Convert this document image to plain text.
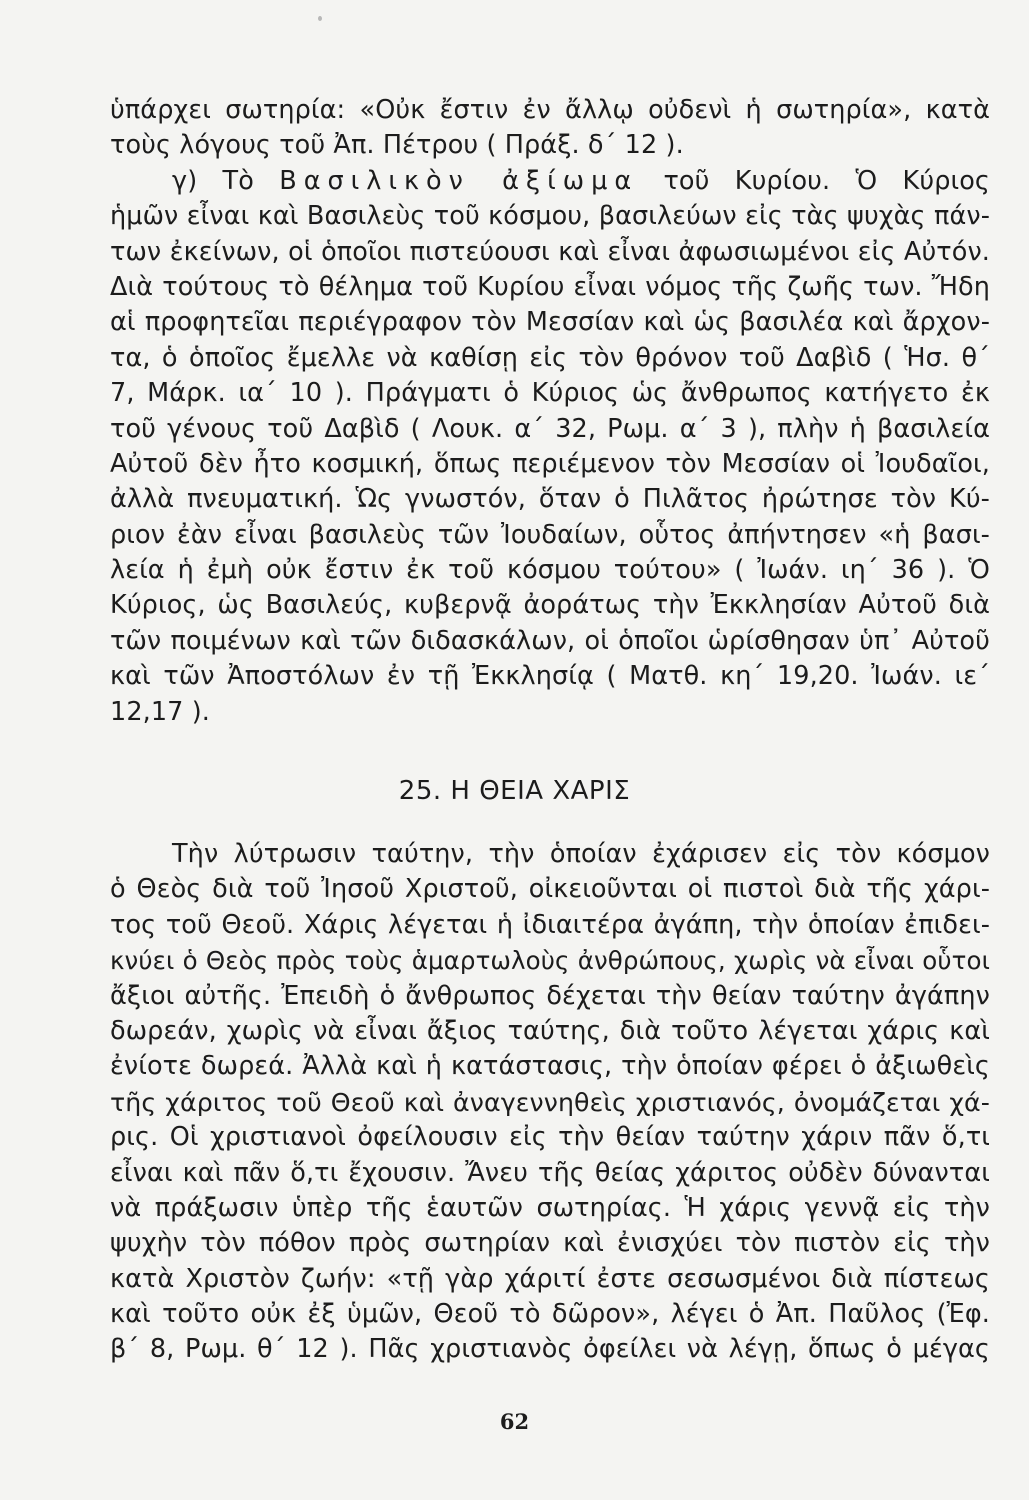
ὑπάρχει σωτηρία: «Οὐκ ἔστιν ἐν ἄλλῳ οὐδενὶ ἡ σωτηρία», κατὰ
τοὺς λόγους τοῦ Ἀπ. Πέτρου ( Πράξ. δ΄ 12 ).
γ) Τὸ Βασιλικὸν ἀξίωμα τοῦ Κυρίου. Ὁ Κύριος
ἡμῶν εἶναι καὶ Βασιλεὺς τοῦ κόσμου, βασιλεύων εἰς τὰς ψυχὰς πάν-
των ἐκείνων, οἱ ὁποῖοι πιστεύουσι καὶ εἶναι ἀφωσιωμένοι εἰς Αὐτόν.
Διὰ τούτους τὸ θέλημα τοῦ Κυρίου εἶναι νόμος τῆς ζωῆς των. Ἤδη
αἱ προφητεῖαι περιέγραφον τὸν Μεσσίαν καὶ ὡς βασιλέα καὶ ἄρχον-
τα, ὁ ὁποῖος ἔμελλε νὰ καθίσῃ εἰς τὸν θρόνον τοῦ Δαβὶδ ( Ἡσ. θ΄
7, Μάρκ. ια΄ 10 ). Πράγματι ὁ Κύριος ὡς ἄνθρωπος κατήγετο ἐκ
τοῦ γένους τοῦ Δαβὶδ ( Λουκ. α΄ 32, Ρωμ. α΄ 3 ), πλὴν ἡ βασιλεία
Αὐτοῦ δὲν ἦτο κοσμική, ὅπως περιέμενον τὸν Μεσσίαν οἱ Ἰουδαῖοι,
ἀλλὰ πνευματική. Ὡς γνωστόν, ὅταν ὁ Πιλᾶτος ἠρώτησε τὸν Κύ-
ριον ἐὰν εἶναι βασιλεὺς τῶν Ἰουδαίων, οὗτος ἀπήντησεν «ἡ βασι-
λεία ἡ ἐμὴ οὐκ ἔστιν ἐκ τοῦ κόσμου τούτου» ( Ἰωάν. ιη΄ 36 ). Ὁ
Κύριος, ὡς Βασιλεύς, κυβερνᾷ ἀοράτως τὴν Ἐκκλησίαν Αὐτοῦ διὰ
τῶν ποιμένων καὶ τῶν διδασκάλων, οἱ ὁποῖοι ὡρίσθησαν ὑπ᾽ Αὐτοῦ
καὶ τῶν Ἀποστόλων ἐν τῇ Ἐκκλησίᾳ ( Ματθ. κη΄ 19,20. Ἰωάν. ιε΄
12,17 ).
25. Η ΘΕΙΑ ΧΑΡΙΣ
Τὴν λύτρωσιν ταύτην, τὴν ὁποίαν ἐχάρισεν εἰς τὸν κόσμον
ὁ Θεὸς διὰ τοῦ Ἰησοῦ Χριστοῦ, οἰκειοῦνται οἱ πιστοὶ διὰ τῆς χάρι-
τος τοῦ Θεοῦ. Χάρις λέγεται ἡ ἰδιαιτέρα ἀγάπη, τὴν ὁποίαν ἐπιδει-
κνύει ὁ Θεὸς πρὸς τοὺς ἁμαρτωλοὺς ἀνθρώπους, χωρὶς νὰ εἶναι οὗτοι
ἄξιοι αὐτῆς. Ἐπειδὴ ὁ ἄνθρωπος δέχεται τὴν θείαν ταύτην ἀγάπην
δωρεάν, χωρὶς νὰ εἶναι ἄξιος ταύτης, διὰ τοῦτο λέγεται χάρις καὶ
ἐνίοτε δωρεά. Ἀλλὰ καὶ ἡ κατάστασις, τὴν ὁποίαν φέρει ὁ ἀξιωθεὶς
τῆς χάριτος τοῦ Θεοῦ καὶ ἀναγεννηθεὶς χριστιανός, ὀνομάζεται χά-
ρις. Οἱ χριστιανοὶ ὀφείλουσιν εἰς τὴν θείαν ταύτην χάριν πᾶν ὅ,τι
εἶναι καὶ πᾶν ὅ,τι ἔχουσιν. Ἄνευ τῆς θείας χάριτος οὐδὲν δύνανται
νὰ πράξωσιν ὑπὲρ τῆς ἑαυτῶν σωτηρίας. Ἡ χάρις γεννᾷ εἰς τὴν
ψυχὴν τὸν πόθον πρὸς σωτηρίαν καὶ ἐνισχύει τὸν πιστὸν εἰς τὴν
κατὰ Χριστὸν ζωήν: «τῇ γὰρ χάριτί ἐστε σεσωσμένοι διὰ πίστεως
καὶ τοῦτο οὐκ ἐξ ὑμῶν, Θεοῦ τὸ δῶρον», λέγει ὁ Ἀπ. Παῦλος (Ἐφ.
β΄ 8, Ρωμ. θ΄ 12 ). Πᾶς χριστιανὸς ὀφείλει νὰ λέγῃ, ὅπως ὁ μέγας
62
